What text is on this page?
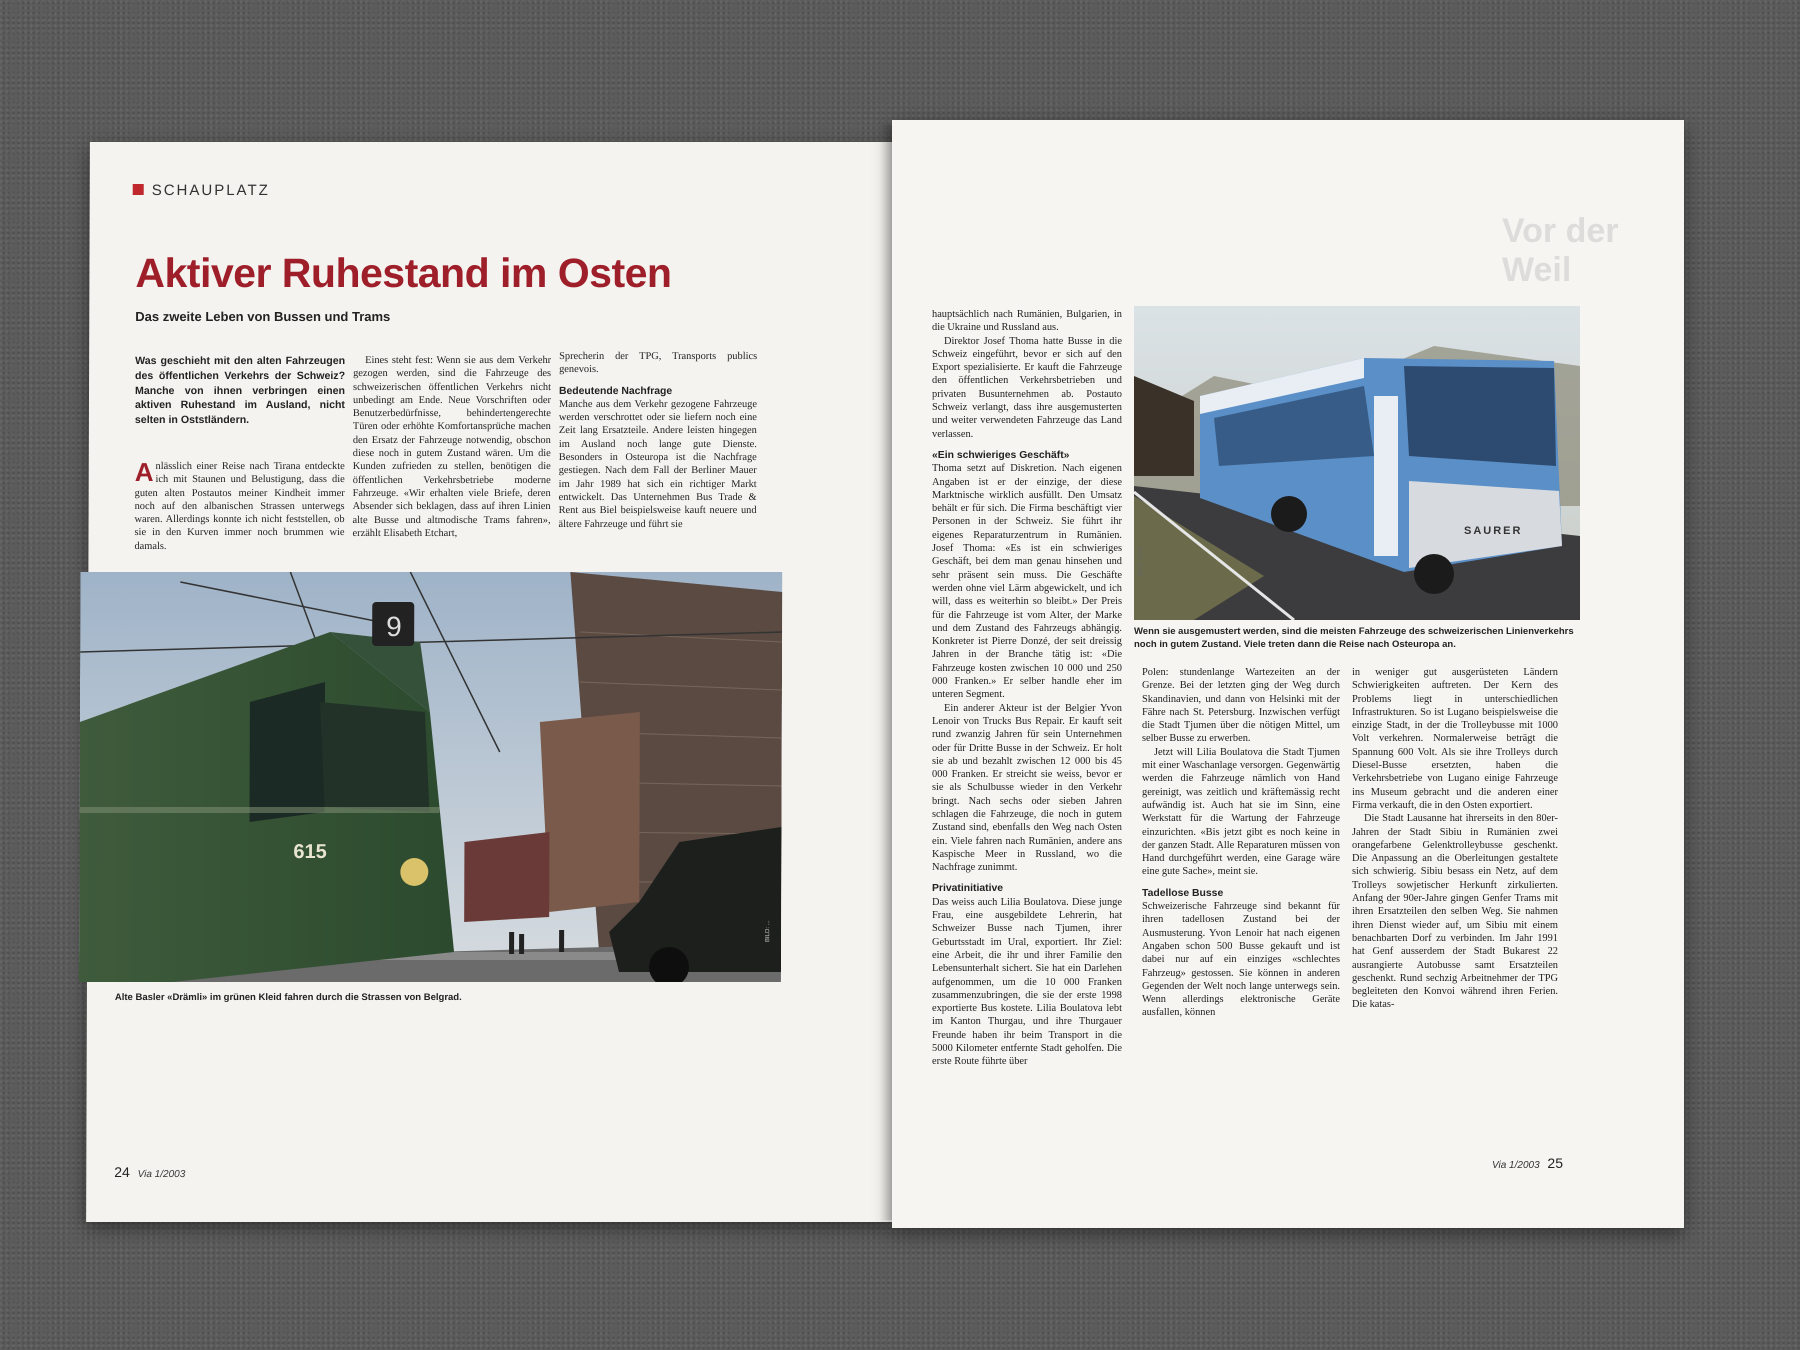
SCHAUPLATZ
Aktiver Ruhestand im Osten
Das zweite Leben von Bussen und Trams
Was geschieht mit den alten Fahrzeugen des öffentlichen Verkehrs der Schweiz? Manche von ihnen verbringen einen aktiven Ruhestand im Ausland, nicht selten in Oststländern.

Anlässlich einer Reise nach Tirana entdeckte ich mit Staunen und Belustigung, dass die guten alten Postautos meiner Kindheit immer noch auf den albanischen Strassen unterwegs waren. Allerdings konnte ich nicht feststellen, ob sie in den Kurven immer noch brummen wie damals.

Eines steht fest: Wenn sie aus dem Verkehr gezogen werden, sind die Fahrzeuge des schweizerischen öffentlichen Verkehrs nicht unbedingt am Ende. Neue Vorschriften oder Benutzerbedürfnisse, behindertengerechte Türen oder erhöhte Komfortansprüche machen den Ersatz der Fahrzeuge notwendig, obschon diese noch in gutem Zustand wären. Um die Kunden zufrieden zu stellen, benötigen die öffentlichen Verkehrsbetriebe moderne Fahrzeuge. «Wir erhalten viele Briefe, deren Absender sich beklagen, dass auf ihren Linien alte Busse und altmodische Trams fahren», erzählt Elisabeth Etchart,

Sprecherin der TPG, Transports publics genevois.

Bedeutende Nachfrage

Manche aus dem Verkehr gezogene Fahrzeuge werden verschrottet oder sie liefern noch eine Zeit lang Ersatzteile. Andere leisten hingegen im Ausland noch lange gute Dienste. Besonders in Osteuropa ist die Nachfrage gestiegen. Nach dem Fall der Berliner Mauer im Jahr 1989 hat sich ein richtiger Markt entwickelt. Das Unternehmen Bus Trade & Rent aus Biel beispielsweise kauft neuere und ältere Fahrzeuge und führt sie

9
615
BILD: ...
Alte Basler «Drämli» im grünen Kleid fahren durch die Strassen von Belgrad.
24 Via 1/2003
Vor der Weil

hauptsächlich nach Rumänien, Bulgarien, in die Ukraine und Russland aus.

Direktor Josef Thoma hatte Busse in die Schweiz eingeführt, bevor er sich auf den Export spezialisierte. Er kauft die Fahrzeuge den öffentlichen Verkehrsbetrieben und privaten Busunternehmen ab. Postauto Schweiz verlangt, dass ihre ausgemusterten und weiter verwendeten Fahrzeuge das Land verlassen.

«Ein schwieriges Geschäft»

Thoma setzt auf Diskretion. Nach eigenen Angaben ist er der einzige, der diese Marktnische wirklich ausfüllt. Den Umsatz behält er für sich. Die Firma beschäftigt vier Personen in der Schweiz. Sie führt ihr eigenes Reparaturzentrum in Rumänien. Josef Thoma: «Es ist ein schwieriges Geschäft, bei dem man genau hinsehen und sehr präsent sein muss. Die Geschäfte werden ohne viel Lärm abgewickelt, und ich will, dass es weiterhin so bleibt.» Der Preis für die Fahrzeuge ist vom Alter, der Marke und dem Zustand des Fahrzeugs abhängig. Konkreter ist Pierre Donzé, der seit dreissig Jahren in der Branche tätig ist: «Die Fahrzeuge kosten zwischen 10 000 und 250 000 Franken.» Er selber handle eher im unteren Segment.

Ein anderer Akteur ist der Belgier Yvon Lenoir von Trucks Bus Repair. Er kauft seit rund zwanzig Jahren für sein Unternehmen oder für Dritte Busse in der Schweiz. Er holt sie ab und bezahlt zwischen 12 000 bis 45 000 Franken. Er streicht sie weiss, bevor er sie als Schulbusse wieder in den Verkehr bringt. Nach sechs oder sieben Jahren schlagen die Fahrzeuge, die noch in gutem Zustand sind, ebenfalls den Weg nach Osten ein. Viele fahren nach Rumänien, andere ans Kaspische Meer in Russland, wo die Nachfrage zunimmt.

Privatinitiative

Das weiss auch Lilia Boulatova. Diese junge Frau, eine ausgebildete Lehrerin, hat Schweizer Busse nach Tjumen, ihrer Geburtsstadt im Ural, exportiert. Ihr Ziel: eine Arbeit, die ihr und ihrer Familie den Lebensunterhalt sichert. Sie hat ein Darlehen aufgenommen, um die 10 000 Franken zusammenzubringen, die sie der erste 1998 exportierte Bus kostete. Lilia Boulatova lebt im Kanton Thurgau, und ihre Thurgauer Freunde haben ihr beim Transport in die 5000 Kilometer entfernte Stadt geholfen. Die erste Route führte über

SAURER
BILD: ZVG
Wenn sie ausgemustert werden, sind die meisten Fahrzeuge des schweizerischen Linienverkehrs noch in gutem Zustand. Viele treten dann die Reise nach Osteuropa an.

Polen: stundenlange Wartezeiten an der Grenze. Bei der letzten ging der Weg durch Skandinavien, und dann von Helsinki mit der Fähre nach St. Petersburg. Inzwischen verfügt die Stadt Tjumen über die nötigen Mittel, um selber Busse zu erwerben.

Jetzt will Lilia Boulatova die Stadt Tjumen mit einer Waschanlage versorgen. Gegenwärtig werden die Fahrzeuge nämlich von Hand gereinigt, was zeitlich und kräftemässig recht aufwändig ist. Auch hat sie im Sinn, eine Werkstatt für die Wartung der Fahrzeuge einzurichten. «Bis jetzt gibt es noch keine in der ganzen Stadt. Alle Reparaturen müssen von Hand durchgeführt werden, eine Garage wäre eine gute Sache», meint sie.

Tadellose Busse

Schweizerische Fahrzeuge sind bekannt für ihren tadellosen Zustand bei der Ausmusterung. Yvon Lenoir hat nach eigenen Angaben schon 500 Busse gekauft und ist dabei nur auf ein einziges «schlechtes Fahrzeug» gestossen. Sie können in anderen Gegenden der Welt noch lange unterwegs sein. Wenn allerdings elektronische Geräte ausfallen, können

in weniger gut ausgerüsteten Ländern Schwierigkeiten auftreten. Der Kern des Problems liegt in unterschiedlichen Infrastrukturen. So ist Lugano beispielsweise die einzige Stadt, in der die Trolleybusse mit 1000 Volt verkehren. Normalerweise beträgt die Spannung 600 Volt. Als sie ihre Trolleys durch Diesel-Busse ersetzten, haben die Verkehrsbetriebe von Lugano einige Fahrzeuge ins Museum gebracht und die anderen einer Firma verkauft, die in den Osten exportiert.

Die Stadt Lausanne hat ihrerseits in den 80er-Jahren der Stadt Sibiu in Rumänien zwei orangefarbene Gelenktrolleybusse geschenkt. Die Anpassung an die Oberleitungen gestaltete sich schwierig. Sibiu besass ein Netz, auf dem Trolleys sowjetischer Herkunft zirkulierten. Anfang der 90er-Jahre gingen Genfer Trams mit ihren Ersatzteilen den selben Weg. Sie nahmen ihren Dienst wieder auf, um Sibiu mit einem benachbarten Dorf zu verbinden. Im Jahr 1991 hat Genf ausserdem der Stadt Bukarest 22 ausrangierte Autobusse samt Ersatzteilen geschenkt. Rund sechzig Arbeitnehmer der TPG begleiteten den Konvoi während ihren Ferien. Die katas-

Via 1/2003 25
